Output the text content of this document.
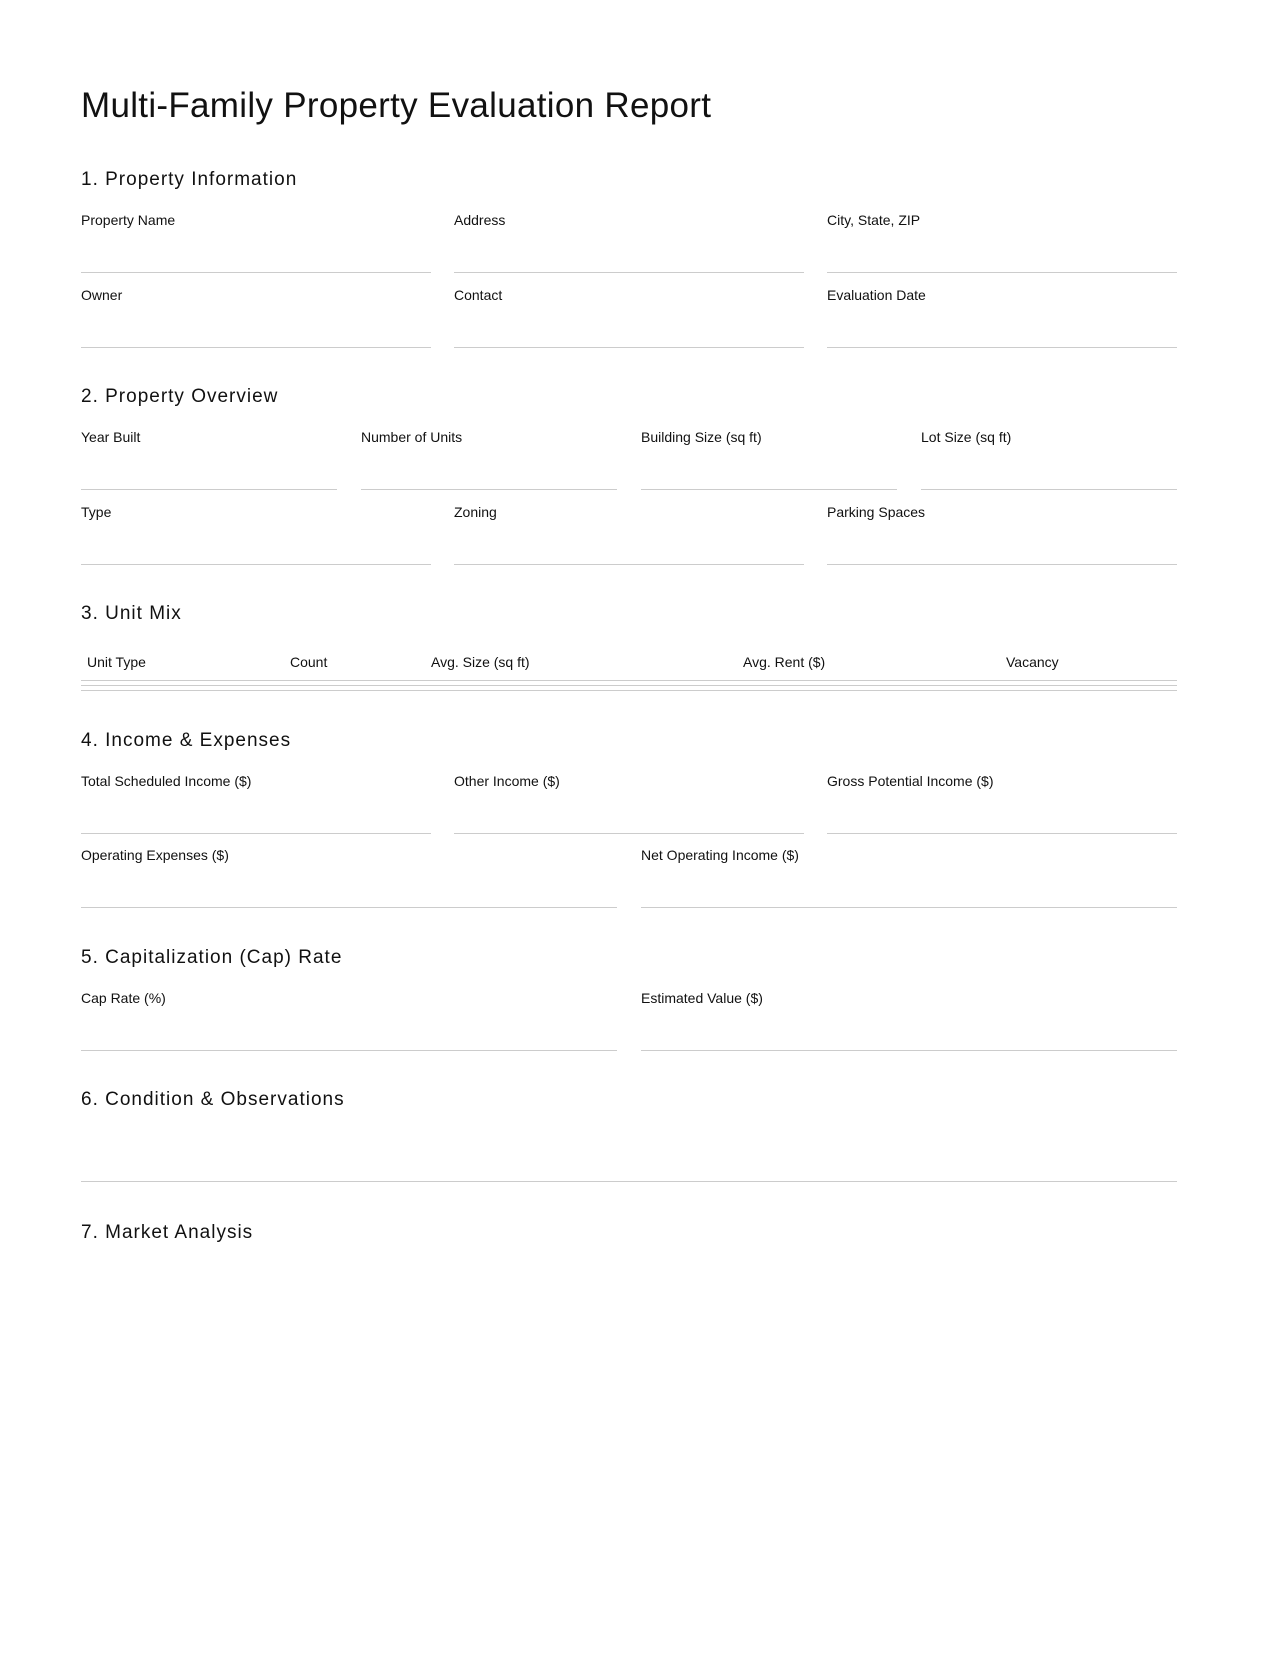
Multi-Family Property Evaluation Report
1. Property Information
Property Name	Address	City, State, ZIP
Owner	Contact	Evaluation Date
2. Property Overview
Year Built	Number of Units	Building Size (sq ft)	Lot Size (sq ft)
Type	Zoning	Parking Spaces
3. Unit Mix
Unit Type	Count	Avg. Size (sq ft)	Avg. Rent ($)	Vacancy
4. Income & Expenses
Total Scheduled Income ($)	Other Income ($)	Gross Potential Income ($)
Operating Expenses ($)	Net Operating Income ($)
5. Capitalization (Cap) Rate
Cap Rate (%)	Estimated Value ($)
6. Condition & Observations
7. Market Analysis
